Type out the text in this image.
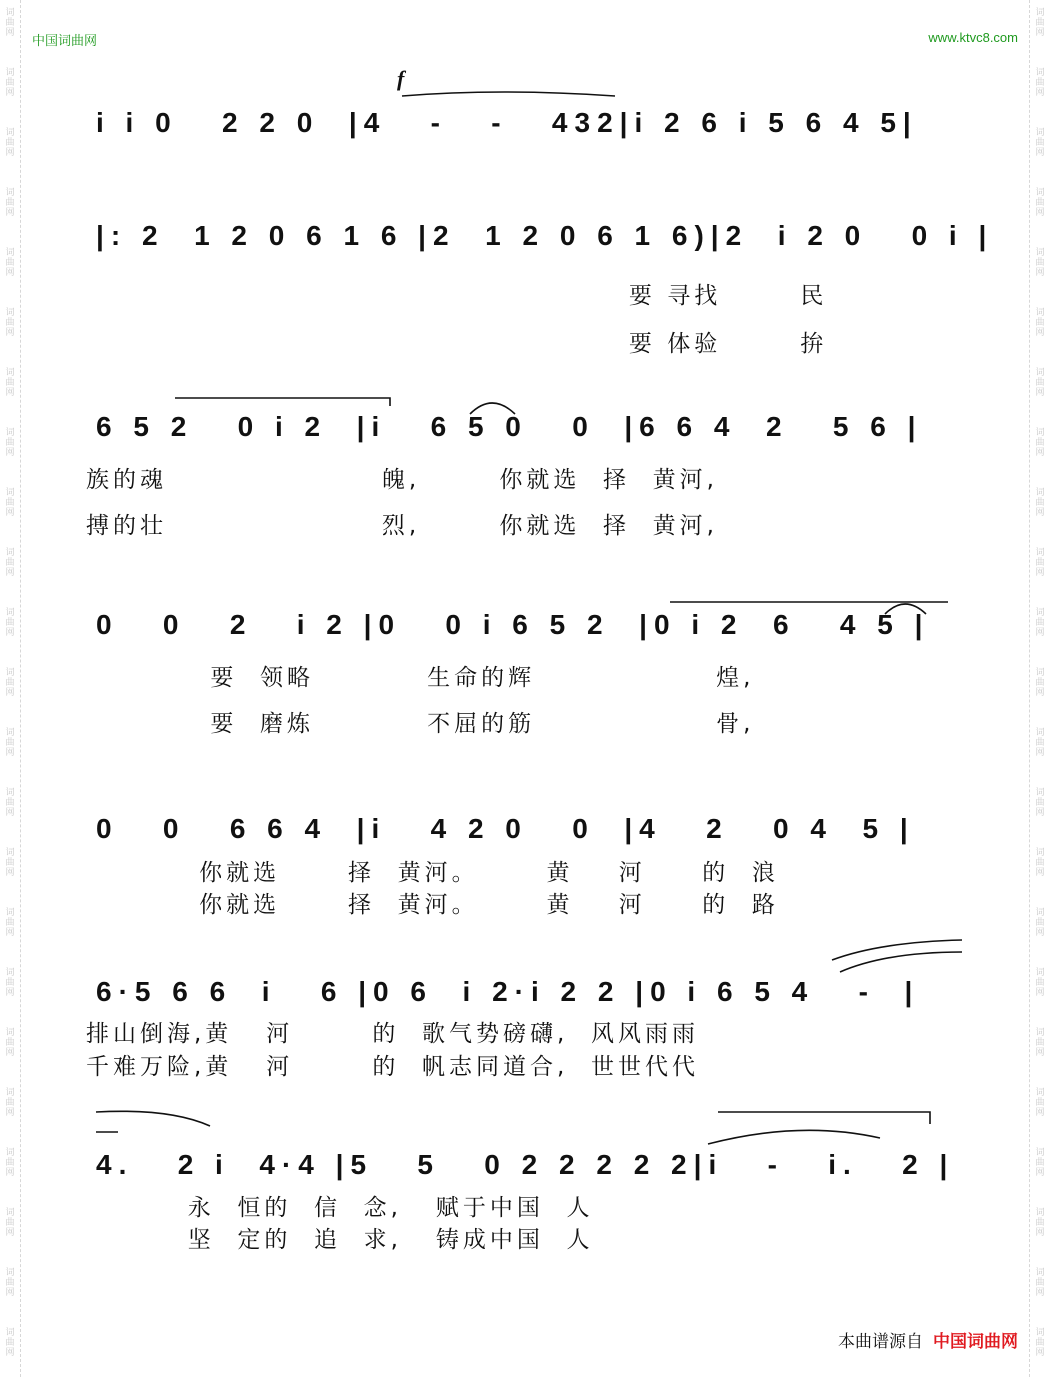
词曲网
词曲网
词曲网
词曲网
词曲网
词曲网
词曲网
词曲网
词曲网
词曲网
词曲网
词曲网
词曲网
词曲网
词曲网
词曲网
词曲网
词曲网
词曲网
词曲网
词曲网
词曲网
词曲网
词曲网
词曲网
词曲网
词曲网
词曲网
词曲网
词曲网
词曲网
词曲网
词曲网
词曲网
词曲网
词曲网
词曲网
词曲网
词曲网
词曲网
词曲网
词曲网
词曲网
词曲网
词曲网
词曲网
中国词曲网	www.ktvc8.com
f
i i 0   2 2 0  |4   -   -   432|i 2 6 i 5 6 4 5|
|: 2  1 2 0 6 1 6 |2  1 2 0 6 1 6)|2  i 2 0   0 i |
要 寻找       民
要 体验       拚
6 5 2   0 i 2  |i   6 5 0   0  |6 6 4  2   5 6 |
族的魂                   魄,       你就选  择  黄河,
搏的壮                   烈,       你就选  择  黄河,
0   0   2   i 2 |0   0 i 6 5 2  |0 i 2  6   4 5 |
要  领略          生命的辉                煌,
要  磨炼          不屈的筋                骨,
0   0   6 6 4  |i   4 2 0   0  |4   2   0 4  5 |
你就选      择  黄河。      黄    河     的  浪
你就选      择  黄河。      黄    河     的  路
6·5 6 6  i   6 |0 6  i 2·i 2 2 |0 i 6 5 4   -  |
排山倒海,黄   河       的  歌气势磅礴,  风风雨雨
千难万险,黄   河       的  帆志同道合,  世世代代
4.   2 i  4·4 |5   5   0 2 2 2 2 2|i   -   i.   2 |
永  恒的  信  念,   赋于中国  人
坚  定的  追  求,   铸成中国  人
本曲谱源自 中国词曲网
